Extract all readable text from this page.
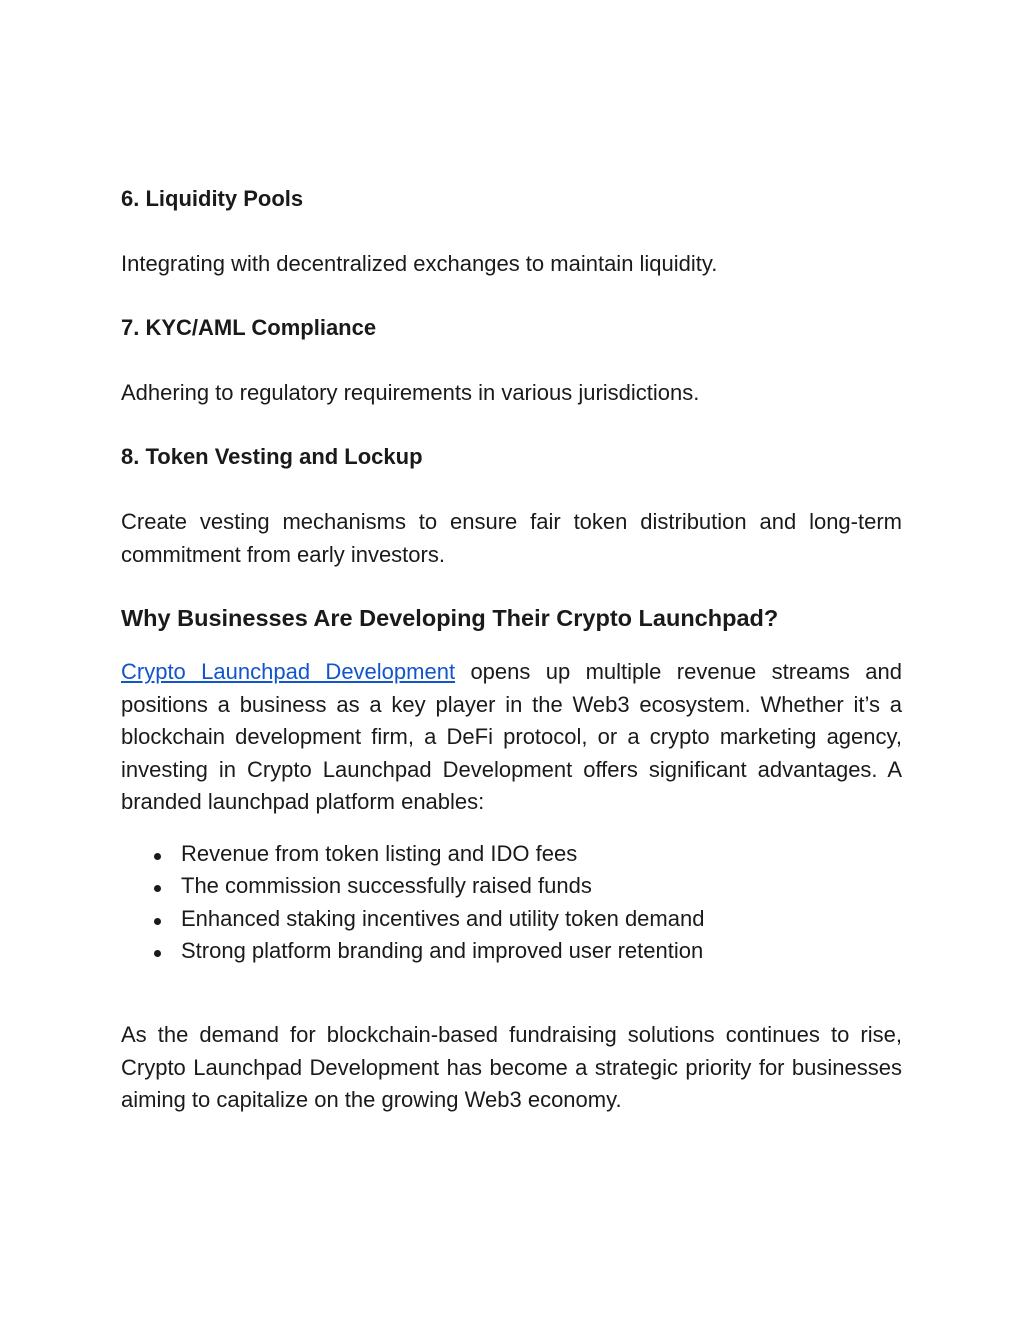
6. Liquidity Pools

Integrating with decentralized exchanges to maintain liquidity.

7. KYC/AML Compliance

Adhering to regulatory requirements in various jurisdictions.

8. Token Vesting and Lockup

Create vesting mechanisms to ensure fair token distribution and long-term commitment from early investors.

Why Businesses Are Developing Their Crypto Launchpad?

Crypto Launchpad Development opens up multiple revenue streams and positions a business as a key player in the Web3 ecosystem. Whether it’s a blockchain development firm, a DeFi protocol, or a crypto marketing agency, investing in Crypto Launchpad Development offers significant advantages. A branded launchpad platform enables:

Revenue from token listing and IDO fees
The commission successfully raised funds
Enhanced staking incentives and utility token demand
Strong platform branding and improved user retention

As the demand for blockchain-based fundraising solutions continues to rise, Crypto Launchpad Development has become a strategic priority for businesses aiming to capitalize on the growing Web3 economy.
